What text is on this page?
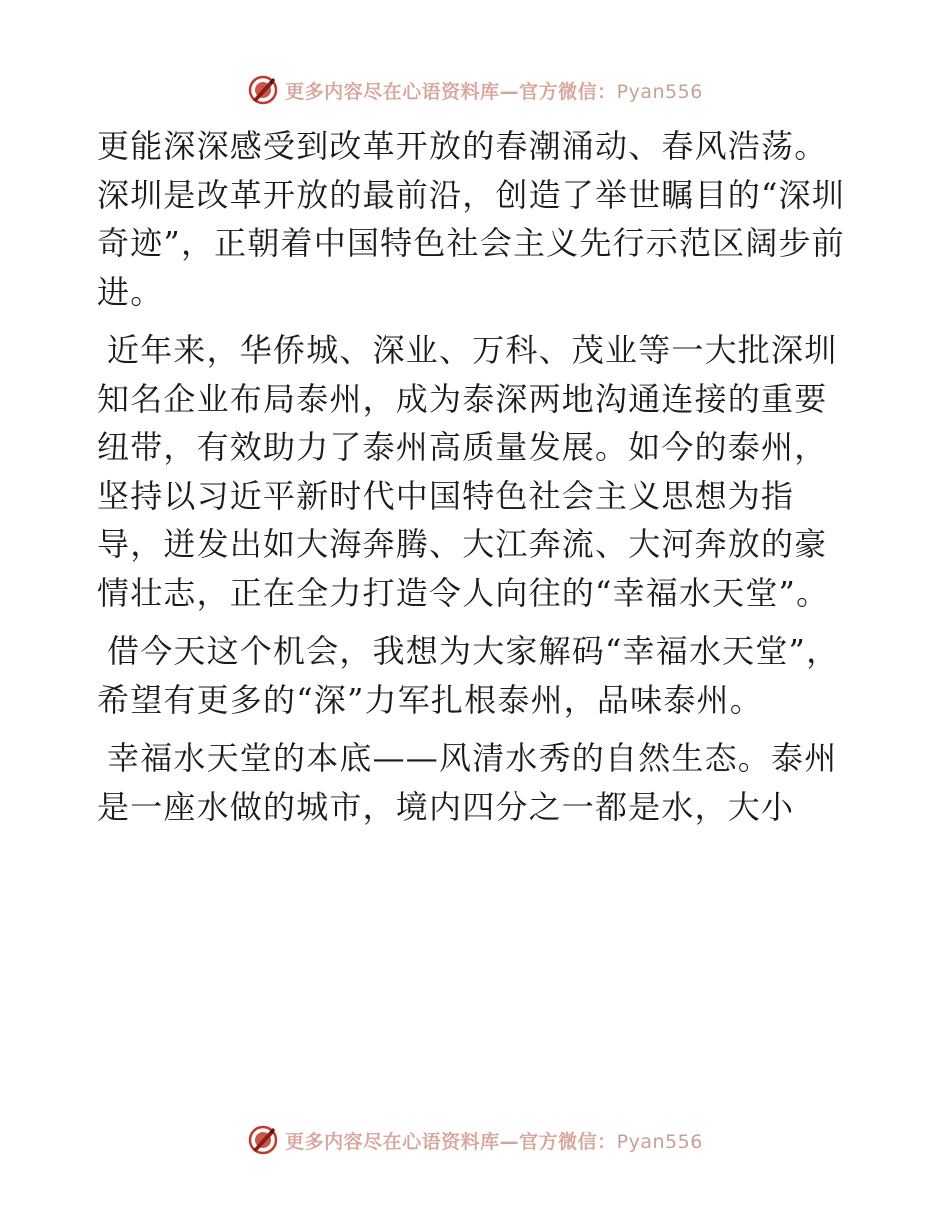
更多内容尽在心语资料库—官方微信：Pyan556

更能深深感受到改革开放的春潮涌动、春风浩荡。深圳是改革开放的最前沿，创造了举世瞩目的“深圳奇迹”，正朝着中国特色社会主义先行示范区阔步前进。

近年来，华侨城、深业、万科、茂业等一大批深圳知名企业布局泰州，成为泰深两地沟通连接的重要纽带，有效助力了泰州高质量发展。如今的泰州，坚持以习近平新时代中国特色社会主义思想为指导，迸发出如大海奔腾、大江奔流、大河奔放的豪情壮志，正在全力打造令人向往的“幸福水天堂”。

借今天这个机会，我想为大家解码“幸福水天堂”，希望有更多的“深”力军扎根泰州，品味泰州。

幸福水天堂的本底——风清水秀的自然生态。泰州是一座水做的城市，境内四分之一都是水，大小

更多内容尽在心语资料库—官方微信：Pyan556
